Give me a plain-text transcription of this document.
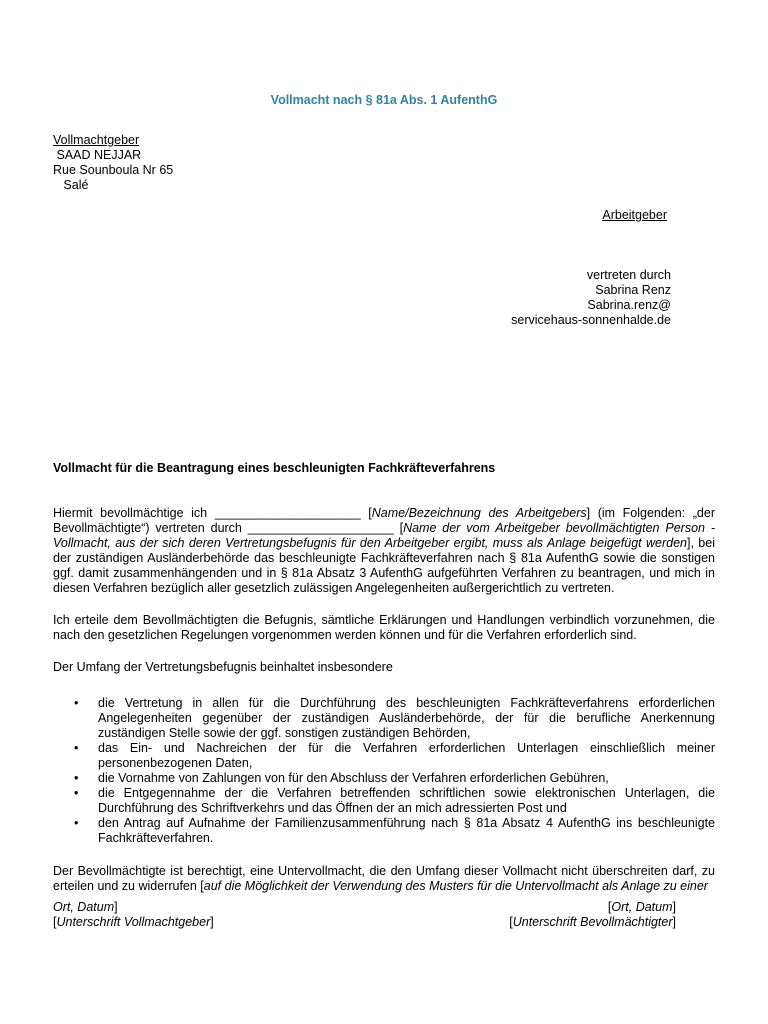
Vollmacht nach § 81a Abs. 1 AufenthG
Vollmachtgeber
SAAD NEJJAR
Rue Sounboula Nr 65
Salé
Arbeitgeber
vertreten durch
Sabrina Renz
Sabrina.renz@
servicehaus-sonnenhalde.de
Vollmacht für die Beantragung eines beschleunigten Fachkräfteverfahrens
Hiermit bevollmächtige ich _____________________ [Name/Bezeichnung des Arbeitgebers] (im Folgenden: „der Bevollmächtigte“) vertreten durch _____________________ [Name der vom Arbeitgeber bevollmächtigten Person - Vollmacht, aus der sich deren Vertretungsbefugnis für den Arbeitgeber ergibt, muss als Anlage beigefügt werden], bei der zuständigen Ausländerbehörde das beschleunigte Fachkräfteverfahren nach § 81a AufenthG sowie die sonstigen ggf. damit zusammenhängenden und in § 81a Absatz 3 AufenthG aufgeführten Verfahren zu beantragen, und mich in diesen Verfahren bezüglich aller gesetzlich zulässigen Angelegenheiten außergerichtlich zu vertreten.
Ich erteile dem Bevollmächtigten die Befugnis, sämtliche Erklärungen und Handlungen verbindlich vorzunehmen, die nach den gesetzlichen Regelungen vorgenommen werden können und für die Verfahren erforderlich sind.
Der Umfang der Vertretungsbefugnis beinhaltet insbesondere
• die Vertretung in allen für die Durchführung des beschleunigten Fachkräfteverfahrens erforderlichen Angelegenheiten gegenüber der zuständigen Ausländerbehörde, der für die berufliche Anerkennung zuständigen Stelle sowie der ggf. sonstigen zuständigen Behörden,
• das Ein- und Nachreichen der für die Verfahren erforderlichen Unterlagen einschließlich meiner personenbezogenen Daten,
• die Vornahme von Zahlungen von für den Abschluss der Verfahren erforderlichen Gebühren,
• die Entgegennahme der die Verfahren betreffenden schriftlichen sowie elektronischen Unterlagen, die Durchführung des Schriftverkehrs und das Öffnen der an mich adressierten Post und
• den Antrag auf Aufnahme der Familienzusammenführung nach § 81a Absatz 4 AufenthG ins beschleunigte Fachkräfteverfahren.
Der Bevollmächtigte ist berechtigt, eine Untervollmacht, die den Umfang dieser Vollmacht nicht überschreiten darf, zu erteilen und zu widerrufen [auf die Möglichkeit der Verwendung des Musters für die Untervollmacht als Anlage zu einer
Ort, Datum]
[Unterschrift Vollmachtgeber]
[Ort, Datum]
[Unterschrift Bevollmächtigter]
